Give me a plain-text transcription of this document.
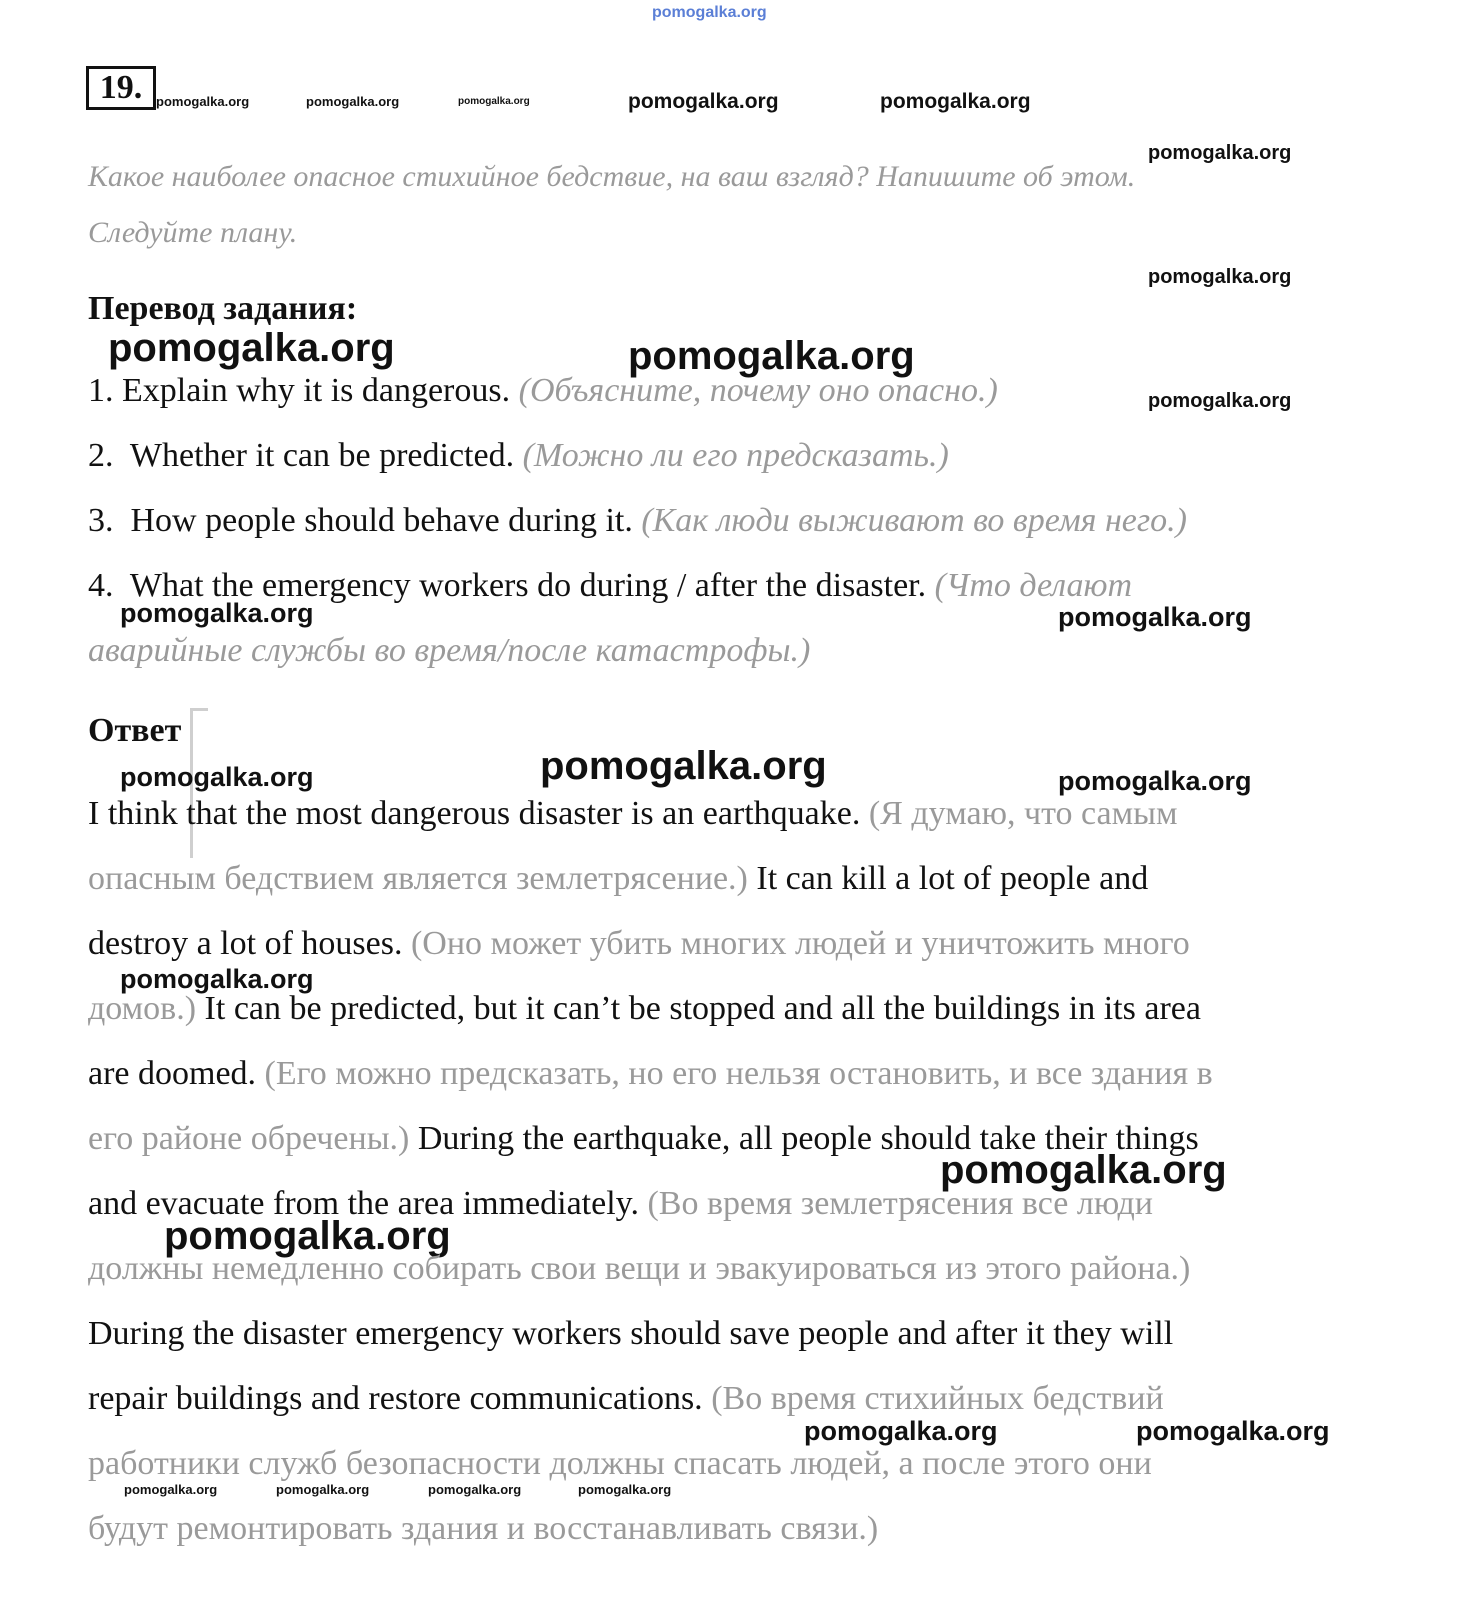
pomogalka.org
19.	pomogalka.org	pomogalka.org	pomogalka.org	pomogalka.org	pomogalka.org
pomogalka.org
Какое наиболее опасное стихийное бедствие, на ваш взгляд? Напишите об этом.
Следуйте плану.
pomogalka.org
Перевод задания:
pomogalka.org	pomogalka.org
pomogalka.org
1. Explain why it is dangerous. (Объясните, почему оно опасно.)
2. Whether it can be predicted. (Можно ли его предсказать.)
3. How people should behave during it. (Как люди выживают во время него.)
4. What the emergency workers do during / after the disaster. (Что делают
аварийные службы во время/после катастрофы.)
pomogalka.org	pomogalka.org
Ответ
pomogalka.org	pomogalka.org	pomogalka.org
I think that the most dangerous disaster is an earthquake. (Я думаю, что самым
опасным бедствием является землетрясение.) It can kill a lot of people and
destroy a lot of houses. (Оно может убить многих людей и уничтожить много
pomogalka.org
домов.) It can be predicted, but it can’t be stopped and all the buildings in its area
are doomed. (Его можно предсказать, но его нельзя остановить, и все здания в
его районе обречены.) During the earthquake, all people should take their things
pomogalka.org
and evacuate from the area immediately. (Во время землетрясения все люди
pomogalka.org
должны немедленно собирать свои вещи и эвакуироваться из этого района.)
During the disaster emergency workers should save people and after it they will
repair buildings and restore communications. (Во время стихийных бедствий
pomogalka.org	pomogalka.org
работники служб безопасности должны спасать людей, а после этого они
pomogalka.org	pomogalka.org	pomogalka.org	pomogalka.org
будут ремонтировать здания и восстанавливать связи.)
